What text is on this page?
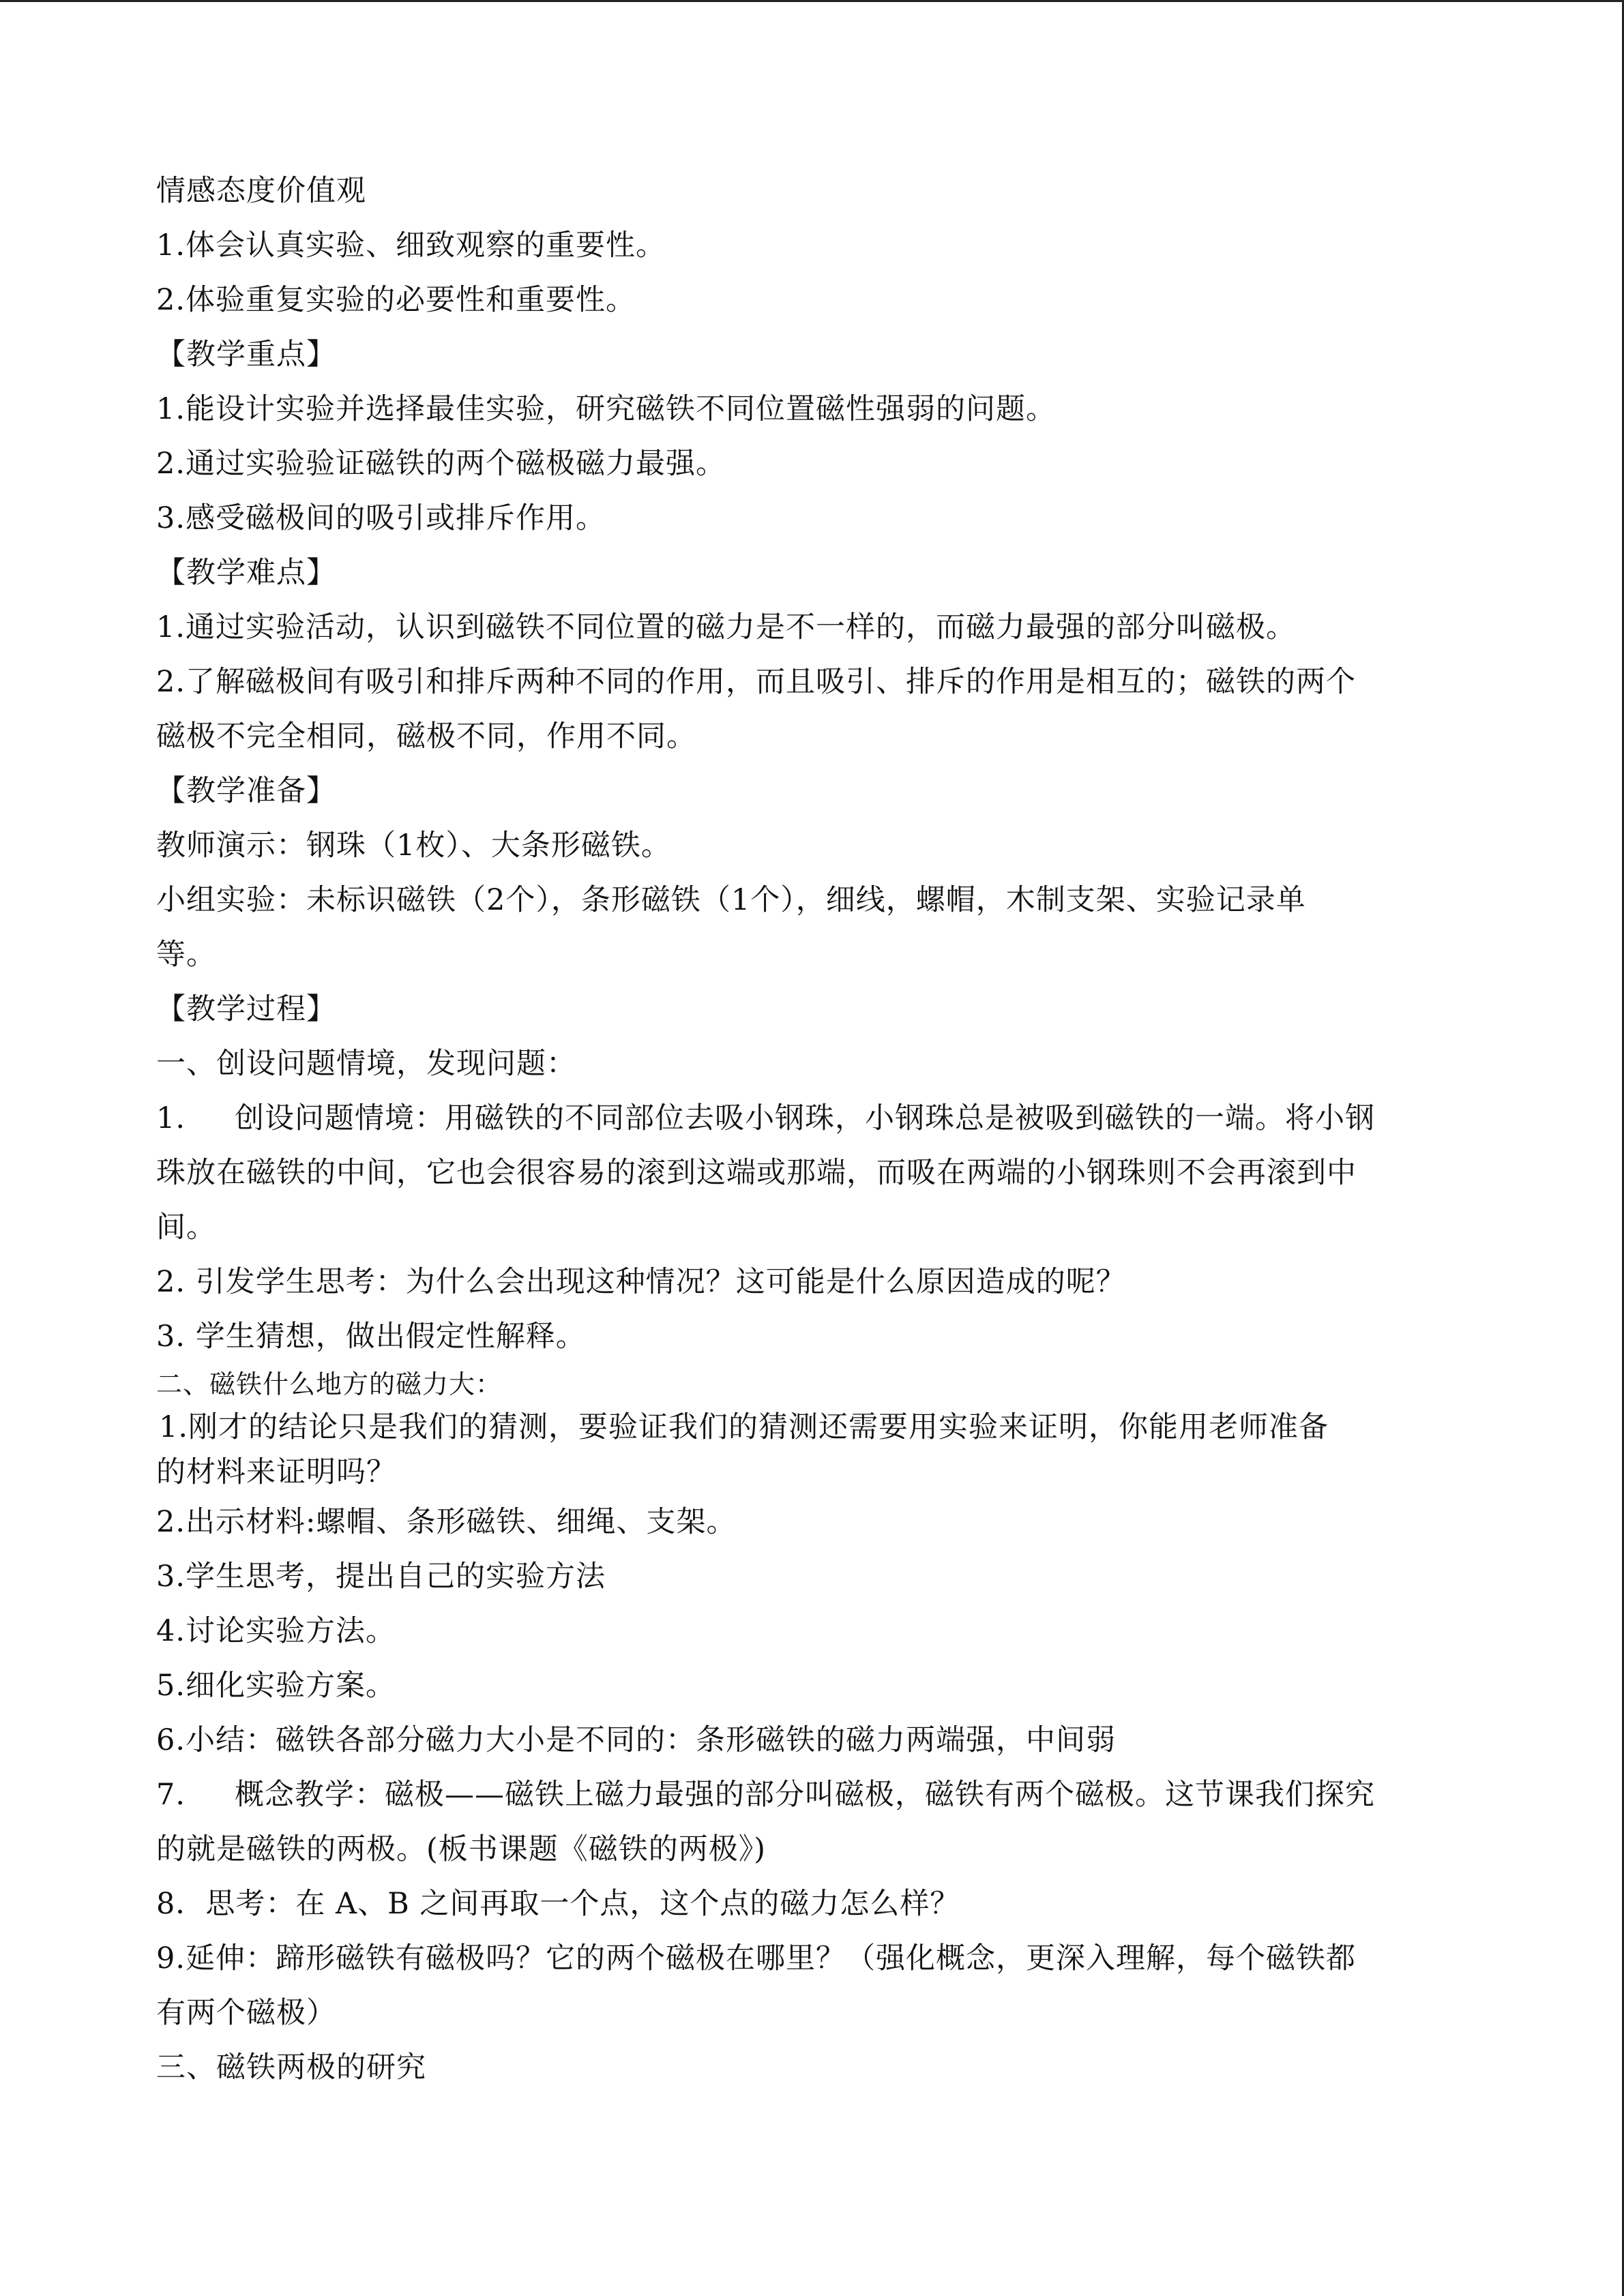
情感态度价值观
1.体会认真实验、细致观察的重要性。
2.体验重复实验的必要性和重要性。
【教学重点】
1.能设计实验并选择最佳实验，研究磁铁不同位置磁性强弱的问题。
2.通过实验验证磁铁的两个磁极磁力最强。
3.感受磁极间的吸引或排斥作用。
【教学难点】
1.通过实验活动，认识到磁铁不同位置的磁力是不一样的，而磁力最强的部分叫磁极。
2.了解磁极间有吸引和排斥两种不同的作用，而且吸引、排斥的作用是相互的；磁铁的两个
磁极不完全相同，磁极不同，作用不同。
【教学准备】
教师演示：钢珠（1枚）、大条形磁铁。
小组实验：未标识磁铁（2个），条形磁铁（1个），细线，螺帽，木制支架、实验记录单
等。
【教学过程】
一、创设问题情境，发现问题：
1. 创设问题情境：用磁铁的不同部位去吸小钢珠，小钢珠总是被吸到磁铁的一端。将小钢
珠放在磁铁的中间，它也会很容易的滚到这端或那端，而吸在两端的小钢珠则不会再滚到中
间。
2. 引发学生思考：为什么会出现这种情况？这可能是什么原因造成的呢？
3. 学生猜想，做出假定性解释。
二、磁铁什么地方的磁力大：
1.刚才的结论只是我们的猜测，要验证我们的猜测还需要用实验来证明，你能用老师准备
的材料来证明吗？
2.出示材料:螺帽、条形磁铁、细绳、支架。
3.学生思考，提出自己的实验方法
4.讨论实验方法。
5.细化实验方案。
6.小结：磁铁各部分磁力大小是不同的：条形磁铁的磁力两端强，中间弱
7. 概念教学：磁极——磁铁上磁力最强的部分叫磁极，磁铁有两个磁极。这节课我们探究
的就是磁铁的两极。(板书课题《磁铁的两极》)
8．思考：在 A、B 之间再取一个点，这个点的磁力怎么样？
9.延伸：蹄形磁铁有磁极吗？它的两个磁极在哪里？（强化概念，更深入理解，每个磁铁都
有两个磁极）
三、磁铁两极的研究
